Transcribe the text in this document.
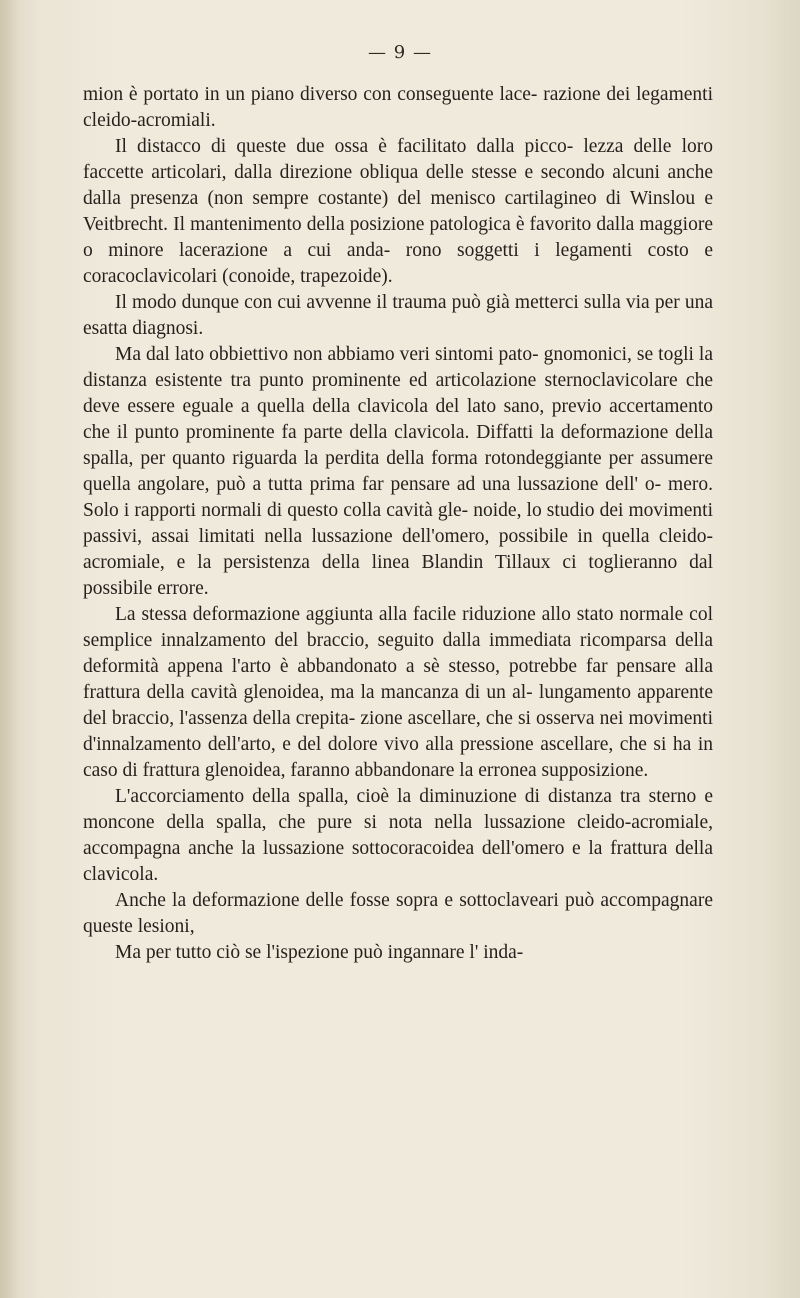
— 9 —

mion è portato in un piano diverso con conseguente lace- razione dei legamenti cleido-acromiali.

Il distacco di queste due ossa è facilitato dalla picco- lezza delle loro faccette articolari, dalla direzione obliqua delle stesse e secondo alcuni anche dalla presenza (non sempre costante) del menisco cartilagineo di Winslou e Veitbrecht. Il mantenimento della posizione patologica è favorito dalla maggiore o minore lacerazione a cui anda- rono soggetti i legamenti costo e coracoclavicolari (conoide, trapezoide).

Il modo dunque con cui avvenne il trauma può già metterci sulla via per una esatta diagnosi.

Ma dal lato obbiettivo non abbiamo veri sintomi pato- gnomonici, se togli la distanza esistente tra punto prominente ed articolazione sternoclavicolare che deve essere eguale a quella della clavicola del lato sano, previo accertamento che il punto prominente fa parte della clavicola. Diffatti la deformazione della spalla, per quanto riguarda la perdita della forma rotondeggiante per assumere quella angolare, può a tutta prima far pensare ad una lussazione dell' o- mero. Solo i rapporti normali di questo colla cavità gle- noide, lo studio dei movimenti passivi, assai limitati nella lussazione dell'omero, possibile in quella cleido-acromiale, e la persistenza della linea Blandin Tillaux ci toglieranno dal possibile errore.

La stessa deformazione aggiunta alla facile riduzione allo stato normale col semplice innalzamento del braccio, seguito dalla immediata ricomparsa della deformità appena l'arto è abbandonato a sè stesso, potrebbe far pensare alla frattura della cavità glenoidea, ma la mancanza di un al- lungamento apparente del braccio, l'assenza della crepita- zione ascellare, che si osserva nei movimenti d'innalzamento dell'arto, e del dolore vivo alla pressione ascellare, che si ha in caso di frattura glenoidea, faranno abbandonare la erronea supposizione.

L'accorciamento della spalla, cioè la diminuzione di distanza tra sterno e moncone della spalla, che pure si nota nella lussazione cleido-acromiale, accompagna anche la lussazione sottocoracoidea dell'omero e la frattura della clavicola.

Anche la deformazione delle fosse sopra e sottoclaveari può accompagnare queste lesioni,

Ma per tutto ciò se l'ispezione può ingannare l' inda-
